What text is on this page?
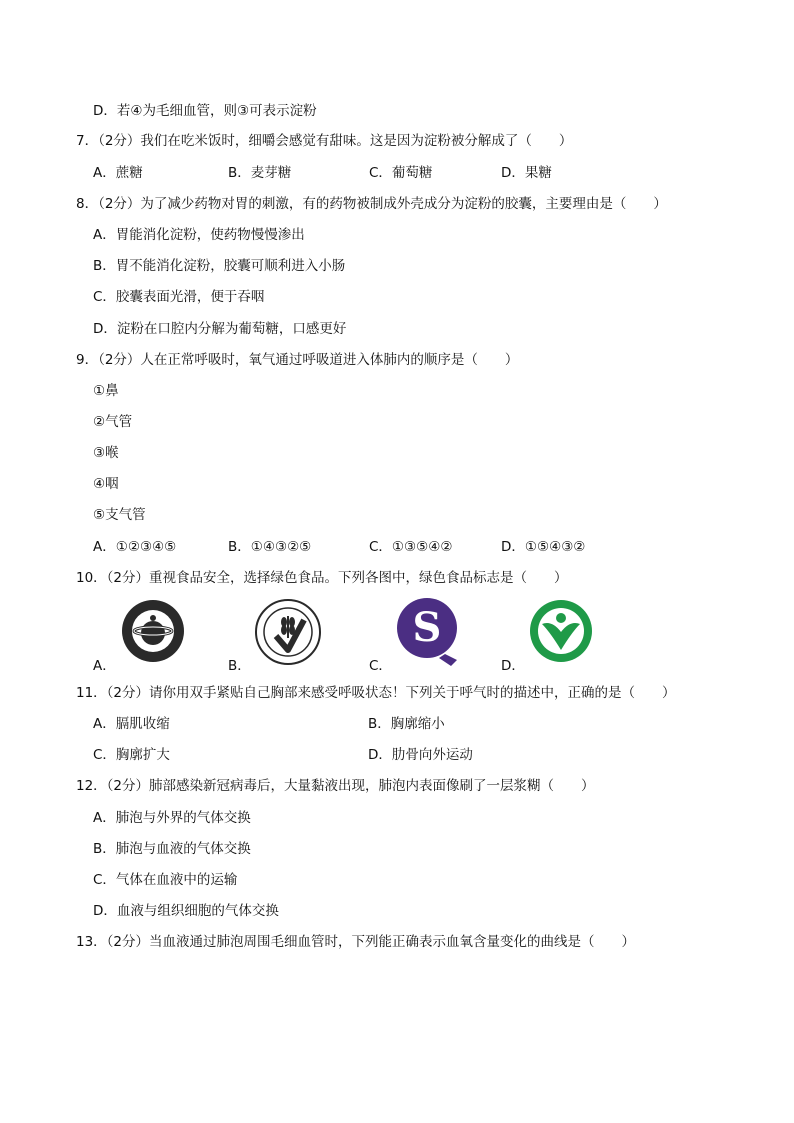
D．若④为毛细血管，则③可表示淀粉
7．（2分）我们在吃米饭时，细嚼会感觉有甜味。这是因为淀粉被分解成了（　　）
A．蔗糖	B．麦芽糖	C．葡萄糖	D．果糖
8．（2分）为了减少药物对胃的刺激，有的药物被制成外壳成分为淀粉的胶囊，主要理由是（　　）
A．胃能消化淀粉，使药物慢慢渗出
B．胃不能消化淀粉，胶囊可顺利进入小肠
C．胶囊表面光滑，便于吞咽
D．淀粉在口腔内分解为葡萄糖，口感更好
9．（2分）人在正常呼吸时，氧气通过呼吸道进入体肺内的顺序是（　　）
①鼻
②气管
③喉
④咽
⑤支气管
A．①②③④⑤	B．①④③②⑤	C．①③⑤④②	D．①⑤④③②
10．（2分）重视食品安全，选择绿色食品。下列各图中，绿色食品标志是（　　）
A．	B．	C．
S
D．
11．（2分）请你用双手紧贴自己胸部来感受呼吸状态！下列关于呼气时的描述中，正确的是（　　）
A．膈肌收缩	B．胸廓缩小
C．胸廓扩大	D．肋骨向外运动
12．（2分）肺部感染新冠病毒后，大量黏液出现，肺泡内表面像刷了一层浆糊（　　）
A．肺泡与外界的气体交换
B．肺泡与血液的气体交换
C．气体在血液中的运输
D．血液与组织细胞的气体交换
13．（2分）当血液通过肺泡周围毛细血管时，下列能正确表示血氧含量变化的曲线是（　　）
